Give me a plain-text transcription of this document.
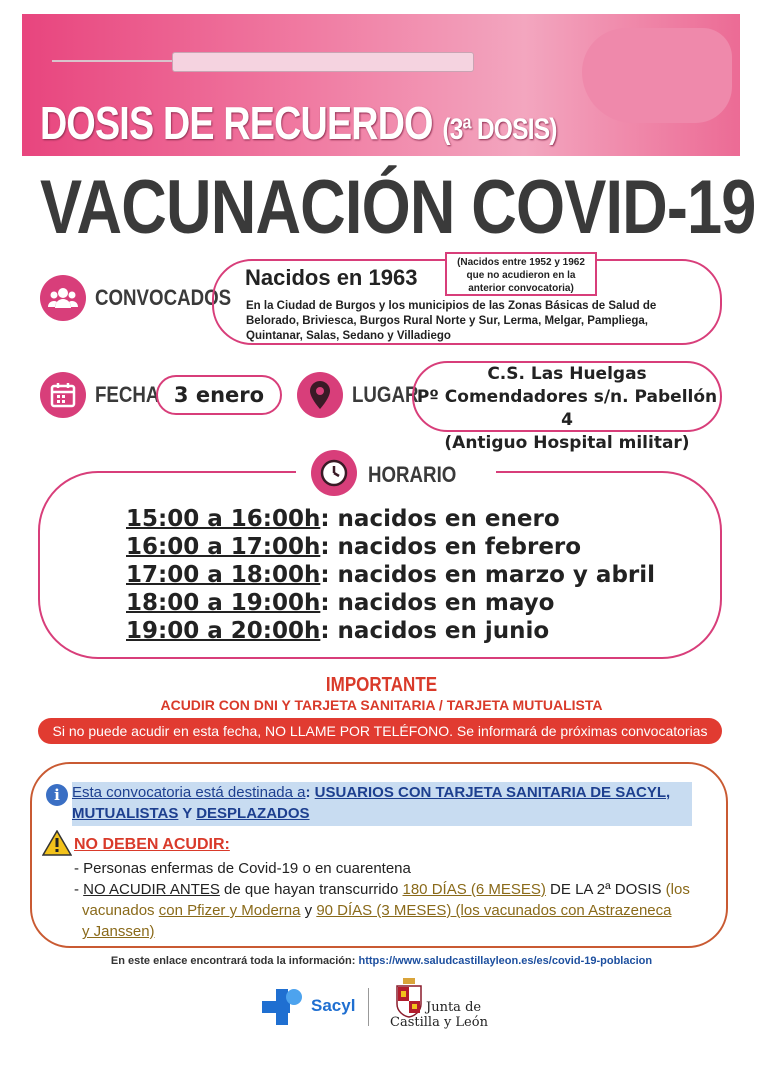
DOSIS DE RECUERDO (3ª DOSIS)
VACUNACIÓN COVID-19
CONVOCADOS
Nacidos en 1963
(Nacidos entre 1952 y 1962 que no acudieron en la anterior convocatoria)
En la Ciudad de Burgos y los municipios de las Zonas Básicas de Salud de Belorado, Briviesca, Burgos Rural Norte y Sur, Lerma, Melgar, Pampliega, Quintanar, Salas, Sedano y Villadiego
FECHA 3 enero	LUGAR
C.S. Las Huelgas
Pº Comendadores s/n. Pabellón 4
(Antiguo Hospital militar)
HORARIO
15:00 a 16:00h: nacidos en enero
16:00 a 17:00h: nacidos en febrero
17:00 a 18:00h: nacidos en marzo y abril
18:00 a 19:00h: nacidos en mayo
19:00 a 20:00h: nacidos en junio
IMPORTANTE
ACUDIR CON DNI Y TARJETA SANITARIA / TARJETA MUTUALISTA
Si no puede acudir en esta fecha, NO LLAME POR TELÉFONO. Se informará de próximas convocatorias
i Esta convocatoria está destinada a: USUARIOS CON TARJETA SANITARIA DE SACYL,
MUTUALISTAS Y DESPLAZADOS
NO DEBEN ACUDIR:
- Personas enfermas de Covid-19 o en cuarentena
- NO ACUDIR ANTES de que hayan transcurrido 180 DÍAS (6 MESES) DE LA 2ª DOSIS (los
vacunados con Pfizer y Moderna y 90 DÍAS (3 MESES) (los vacunados con Astrazeneca
y Janssen)
En este enlace encontrará toda la información: https://www.saludcastillayleon.es/es/covid-19-poblacion
Sacyl	Junta de
Castilla y León
